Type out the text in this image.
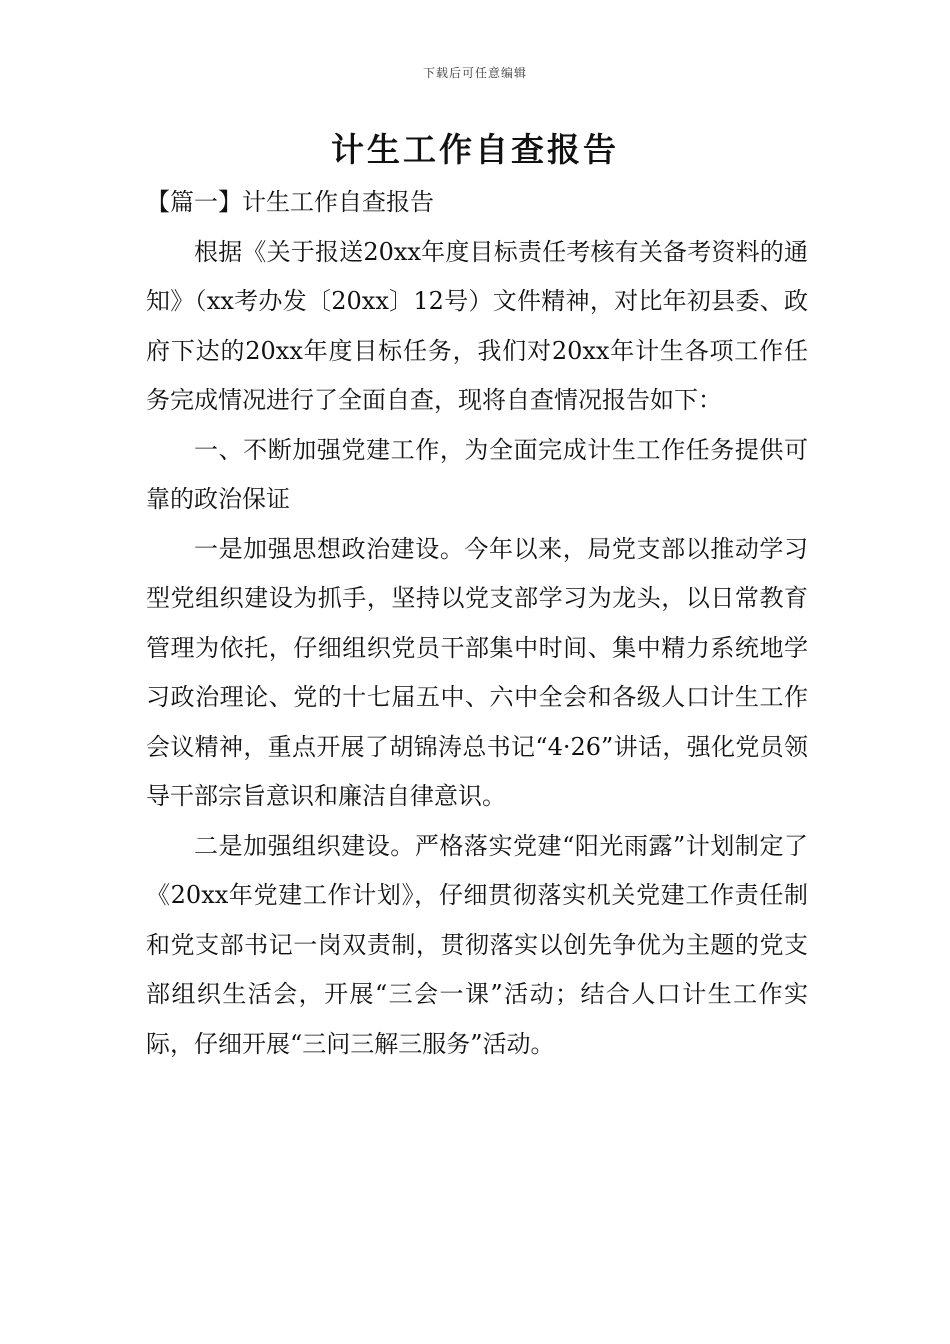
下载后可任意编辑
计生工作自查报告

【篇一】计生工作自查报告

根据《关于报送20xx年度目标责任考核有关备考资料的通知》（xx考办发〔20xx〕12号）文件精神，对比年初县委、政府下达的20xx年度目标任务，我们对20xx年计生各项工作任务完成情况进行了全面自查，现将自查情况报告如下：

一、不断加强党建工作，为全面完成计生工作任务提供可靠的政治保证

一是加强思想政治建设。今年以来，局党支部以推动学习型党组织建设为抓手，坚持以党支部学习为龙头，以日常教育管理为依托，仔细组织党员干部集中时间、集中精力系统地学习政治理论、党的十七届五中、六中全会和各级人口计生工作会议精神，重点开展了胡锦涛总书记“4·26”讲话，强化党员领导干部宗旨意识和廉洁自律意识。

二是加强组织建设。严格落实党建“阳光雨露”计划制定了《20xx年党建工作计划》，仔细贯彻落实机关党建工作责任制和党支部书记一岗双责制，贯彻落实以创先争优为主题的党支部组织生活会，开展“三会一课”活动；结合人口计生工作实际，仔细开展“三问三解三服务”活动。
